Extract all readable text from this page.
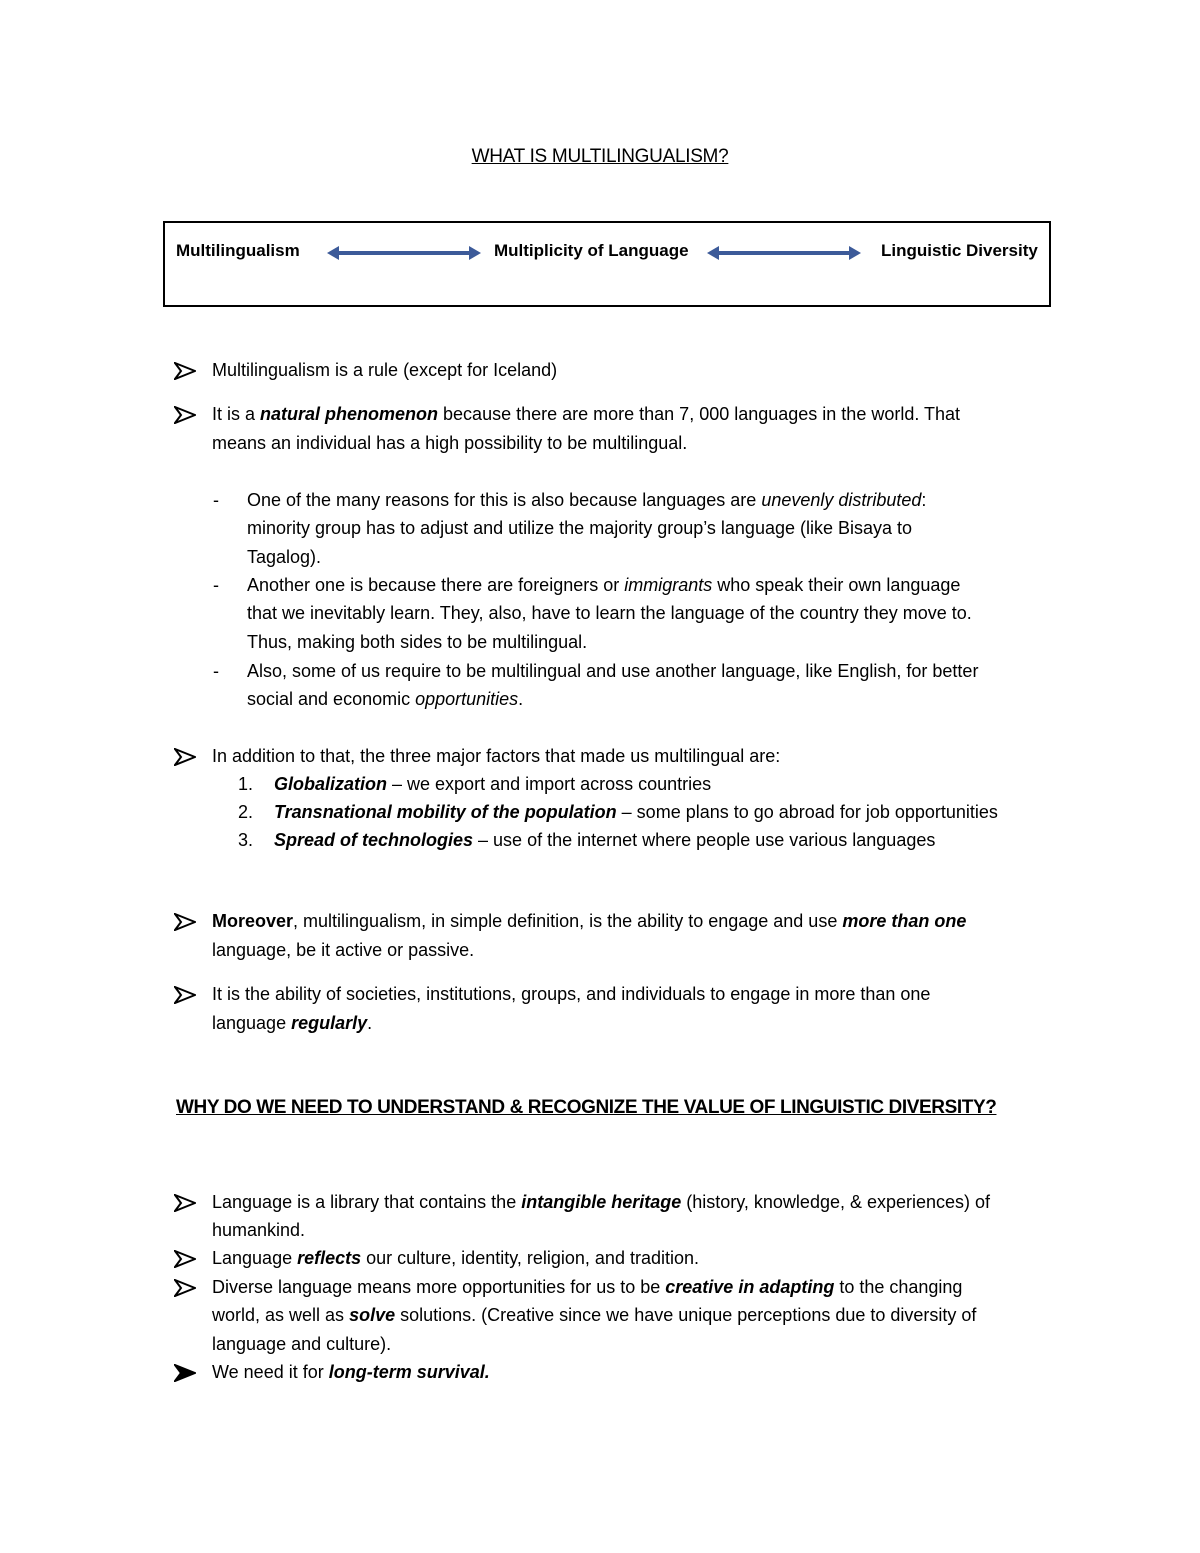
WHAT IS MULTILINGUALISM?
Multilingualism	Multiplicity of Language	Linguistic Diversity
Multilingualism is a rule (except for Iceland)
It is a natural phenomenon because there are more than 7, 000 languages in the world. That
means an individual has a high possibility to be multilingual.
- One of the many reasons for this is also because languages are unevenly distributed:
minority group has to adjust and utilize the majority group’s language (like Bisaya to
Tagalog).
- Another one is because there are foreigners or immigrants who speak their own language
that we inevitably learn. They, also, have to learn the language of the country they move to.
Thus, making both sides to be multilingual.
- Also, some of us require to be multilingual and use another language, like English, for better
social and economic opportunities.
In addition to that, the three major factors that made us multilingual are:
1. Globalization – we export and import across countries
2. Transnational mobility of the population – some plans to go abroad for job opportunities
3. Spread of technologies – use of the internet where people use various languages
Moreover, multilingualism, in simple definition, is the ability to engage and use more than one
language, be it active or passive.
It is the ability of societies, institutions, groups, and individuals to engage in more than one
language regularly.
WHY DO WE NEED TO UNDERSTAND & RECOGNIZE THE VALUE OF LINGUISTIC DIVERSITY?
Language is a library that contains the intangible heritage (history, knowledge, & experiences) of
humankind.
Language reflects our culture, identity, religion, and tradition.
Diverse language means more opportunities for us to be creative in adapting to the changing
world, as well as solve solutions. (Creative since we have unique perceptions due to diversity of
language and culture).
We need it for long-term survival.
